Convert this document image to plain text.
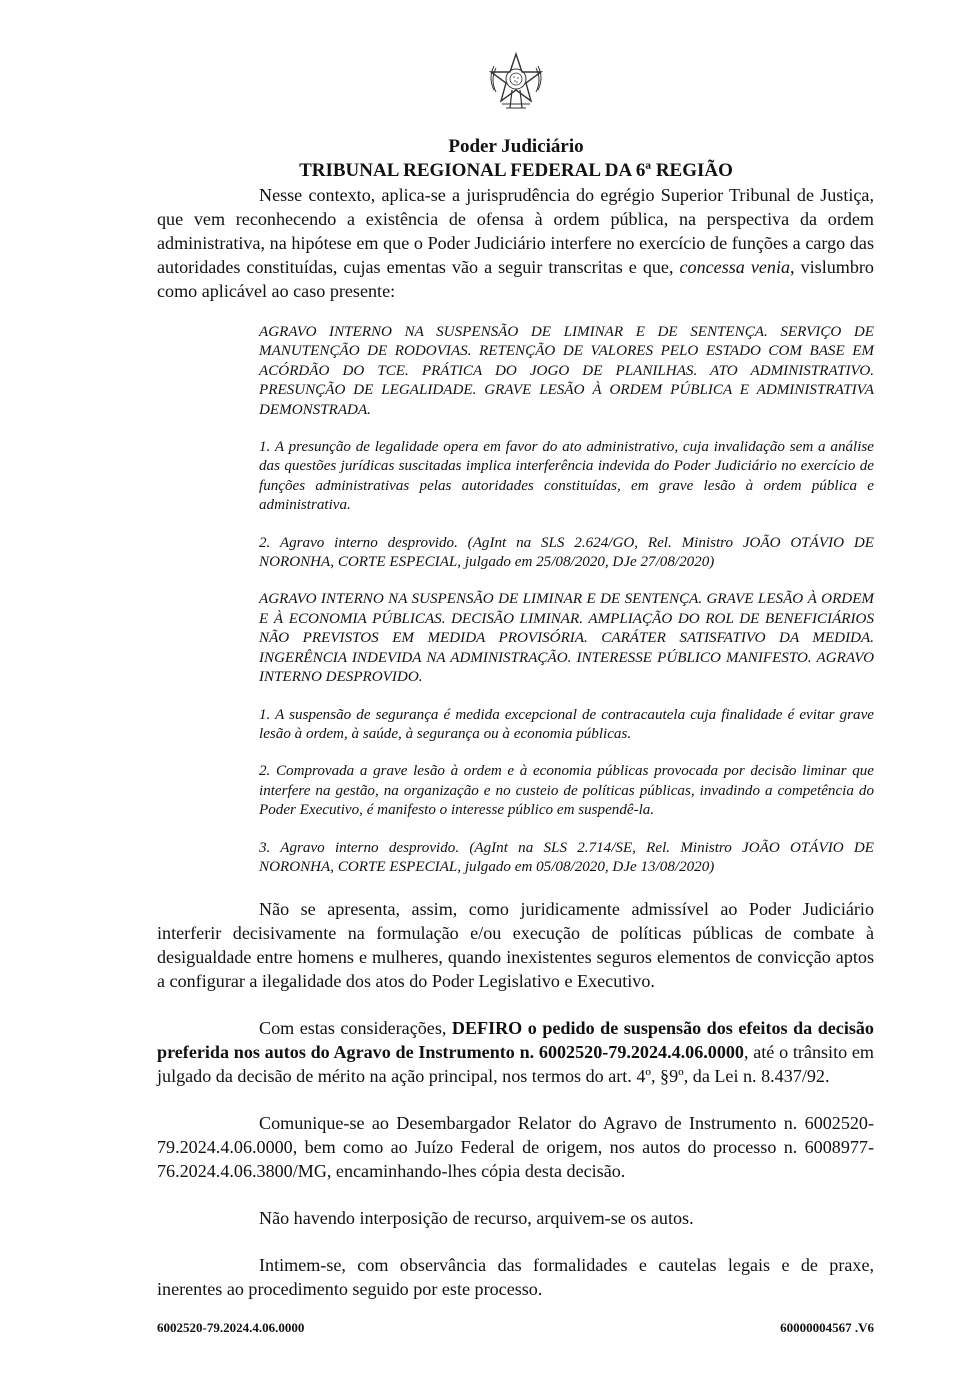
Poder Judiciário
TRIBUNAL REGIONAL FEDERAL DA 6ª REGIÃO

Nesse contexto, aplica-se a jurisprudência do egrégio Superior Tribunal de Justiça, que vem reconhecendo a existência de ofensa à ordem pública, na perspectiva da ordem administrativa, na hipótese em que o Poder Judiciário interfere no exercício de funções a cargo das autoridades constituídas, cujas ementas vão a seguir transcritas e que, concessa venia, vislumbro como aplicável ao caso presente:

AGRAVO INTERNO NA SUSPENSÃO DE LIMINAR E DE SENTENÇA. SERVIÇO DE MANUTENÇÃO DE RODOVIAS. RETENÇÃO DE VALORES PELO ESTADO COM BASE EM ACÓRDÃO DO TCE. PRÁTICA DO JOGO DE PLANILHAS. ATO ADMINISTRATIVO. PRESUNÇÃO DE LEGALIDADE. GRAVE LESÃO À ORDEM PÚBLICA E ADMINISTRATIVA DEMONSTRADA.

1. A presunção de legalidade opera em favor do ato administrativo, cuja invalidação sem a análise das questões jurídicas suscitadas implica interferência indevida do Poder Judiciário no exercício de funções administrativas pelas autoridades constituídas, em grave lesão à ordem pública e administrativa.

2. Agravo interno desprovido. (AgInt na SLS 2.624/GO, Rel. Ministro JOÃO OTÁVIO DE NORONHA, CORTE ESPECIAL, julgado em 25/08/2020, DJe 27/08/2020)

AGRAVO INTERNO NA SUSPENSÃO DE LIMINAR E DE SENTENÇA. GRAVE LESÃO À ORDEM E À ECONOMIA PÚBLICAS. DECISÃO LIMINAR. AMPLIAÇÃO DO ROL DE BENEFICIÁRIOS NÃO PREVISTOS EM MEDIDA PROVISÓRIA. CARÁTER SATISFATIVO DA MEDIDA. INGERÊNCIA INDEVIDA NA ADMINISTRAÇÃO. INTERESSE PÚBLICO MANIFESTO. AGRAVO INTERNO DESPROVIDO.

1. A suspensão de segurança é medida excepcional de contracautela cuja finalidade é evitar grave lesão à ordem, à saúde, à segurança ou à economia públicas.

2. Comprovada a grave lesão à ordem e à economia públicas provocada por decisão liminar que interfere na gestão, na organização e no custeio de políticas públicas, invadindo a competência do Poder Executivo, é manifesto o interesse público em suspendê-la.

3. Agravo interno desprovido. (AgInt na SLS 2.714/SE, Rel. Ministro JOÃO OTÁVIO DE NORONHA, CORTE ESPECIAL, julgado em 05/08/2020, DJe 13/08/2020)

Não se apresenta, assim, como juridicamente admissível ao Poder Judiciário interferir decisivamente na formulação e/ou execução de políticas públicas de combate à desigualdade entre homens e mulheres, quando inexistentes seguros elementos de convicção aptos a configurar a ilegalidade dos atos do Poder Legislativo e Executivo.

Com estas considerações, DEFIRO o pedido de suspensão dos efeitos da decisão preferida nos autos do Agravo de Instrumento n. 6002520-79.2024.4.06.0000, até o trânsito em julgado da decisão de mérito na ação principal, nos termos do art. 4º, §9º, da Lei n. 8.437/92.

Comunique-se ao Desembargador Relator do Agravo de Instrumento n. 6002520-79.2024.4.06.0000, bem como ao Juízo Federal de origem, nos autos do processo n. 6008977-76.2024.4.06.3800/MG, encaminhando-lhes cópia desta decisão.

Não havendo interposição de recurso, arquivem-se os autos.

Intimem-se, com observância das formalidades e cautelas legais e de praxe, inerentes ao procedimento seguido por este processo.

6002520-79.2024.4.06.0000	60000004567 .V6
